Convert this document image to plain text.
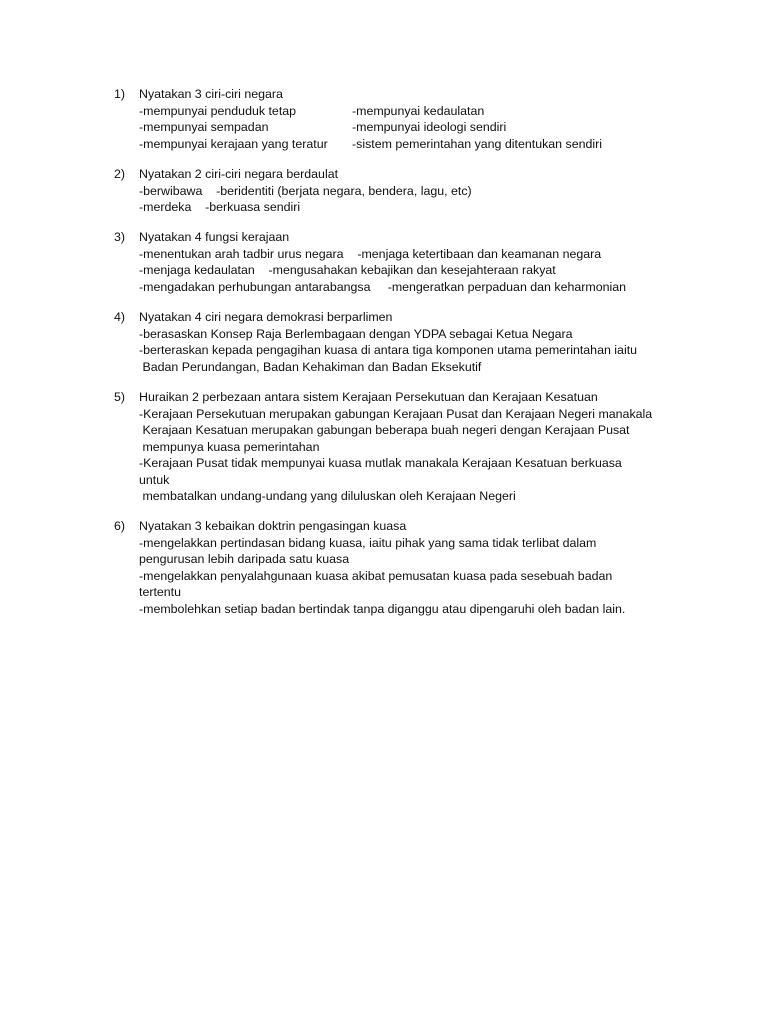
1) Nyatakan 3 ciri-ciri negara
-mempunyai penduduk tetap	-mempunyai kedaulatan
-mempunyai sempadan	-mempunyai ideologi sendiri
-mempunyai kerajaan yang teratur -sistem pemerintahan yang ditentukan sendiri
2) Nyatakan 2 ciri-ciri negara berdaulat
-berwibawa    -beridentiti (berjata negara, bendera, lagu, etc)
-merdeka    -berkuasa sendiri
3) Nyatakan 4 fungsi kerajaan
-menentukan arah tadbir urus negara    -menjaga ketertibaan dan keamanan negara
-menjaga kedaulatan    -mengusahakan kebajikan dan kesejahteraan rakyat
-mengadakan perhubungan antarabangsa     -mengeratkan perpaduan dan keharmonian
4) Nyatakan 4 ciri negara demokrasi berparlimen
-berasaskan Konsep Raja Berlembagaan dengan YDPA sebagai Ketua Negara
-berteraskan kepada pengagihan kuasa di antara tiga komponen utama pemerintahan iaitu
Badan Perundangan, Badan Kehakiman dan Badan Eksekutif
5) Huraikan 2 perbezaan antara sistem Kerajaan Persekutuan dan Kerajaan Kesatuan
-Kerajaan Persekutuan merupakan gabungan Kerajaan Pusat dan Kerajaan Negeri manakala
Kerajaan Kesatuan merupakan gabungan beberapa buah negeri dengan Kerajaan Pusat
mempunya kuasa pemerintahan
-Kerajaan Pusat tidak mempunyai kuasa mutlak manakala Kerajaan Kesatuan berkuasa
untuk
membatalkan undang-undang yang diluluskan oleh Kerajaan Negeri
6) Nyatakan 3 kebaikan doktrin pengasingan kuasa
-mengelakkan pertindasan bidang kuasa, iaitu pihak yang sama tidak terlibat dalam
pengurusan lebih daripada satu kuasa
-mengelakkan penyalahgunaan kuasa akibat pemusatan kuasa pada sesebuah badan
tertentu
-membolehkan setiap badan bertindak tanpa diganggu atau dipengaruhi oleh badan lain.
